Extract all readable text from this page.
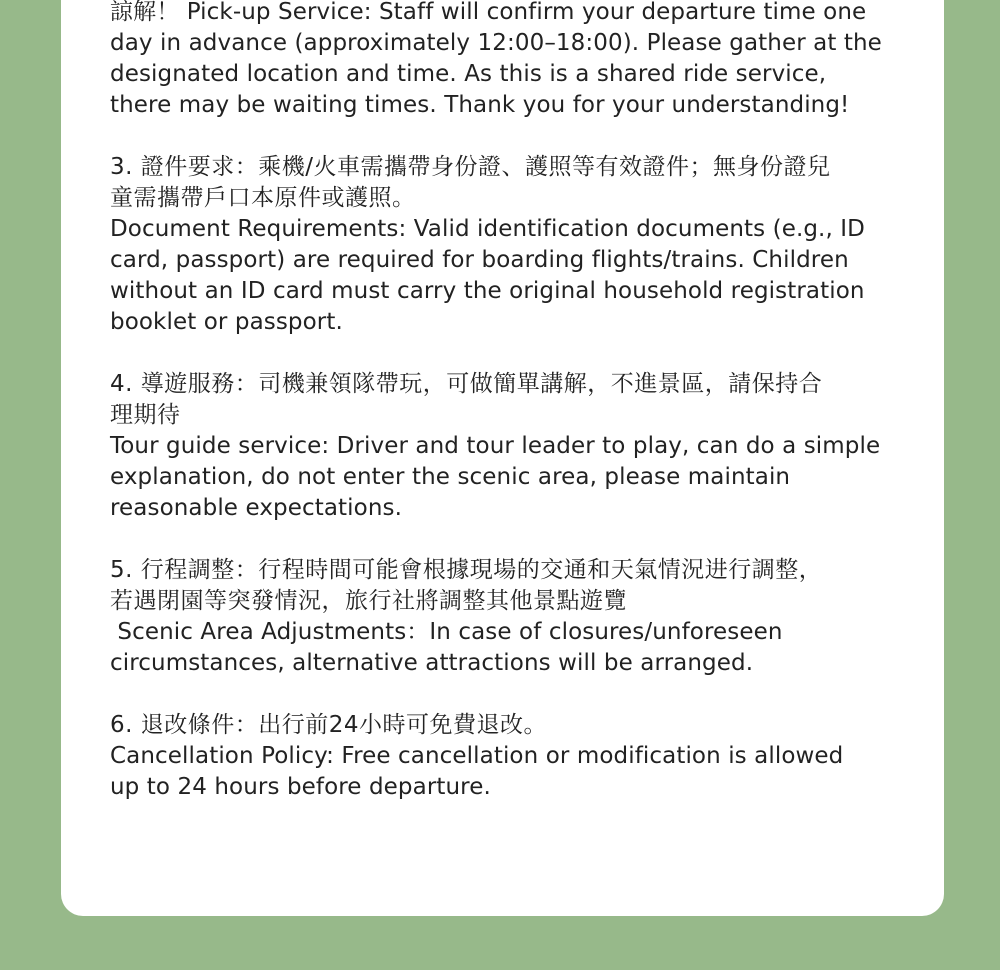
諒解！ Pick-up Service: Staff will confirm your departure time one
day in advance (approximately 12:00–18:00). Please gather at the
designated location and time. As this is a shared ride service,
there may be waiting times. Thank you for your understanding!
3. 證件要求：乘機/火車需攜帶身份證、護照等有效證件；無身份證兒
童需攜帶戶口本原件或護照。
Document Requirements: Valid identification documents (e.g., ID
card, passport) are required for boarding flights/trains. Children
without an ID card must carry the original household registration
booklet or passport.
4. 導遊服務：司機兼領隊帶玩，可做簡單講解，不進景區，請保持合
理期待
Tour guide service: Driver and tour leader to play, can do a simple
explanation, do not enter the scenic area, please maintain
reasonable expectations.
5. 行程調整：行程時間可能會根據現場的交通和天氣情況进行調整，
若遇閉園等突發情況，旅行社將調整其他景點遊覽
Scenic Area Adjustments：In case of closures/unforeseen
circumstances, alternative attractions will be arranged.
6. 退改條件：出行前24小時可免費退改。
Cancellation Policy: Free cancellation or modification is allowed
up to 24 hours before departure.
